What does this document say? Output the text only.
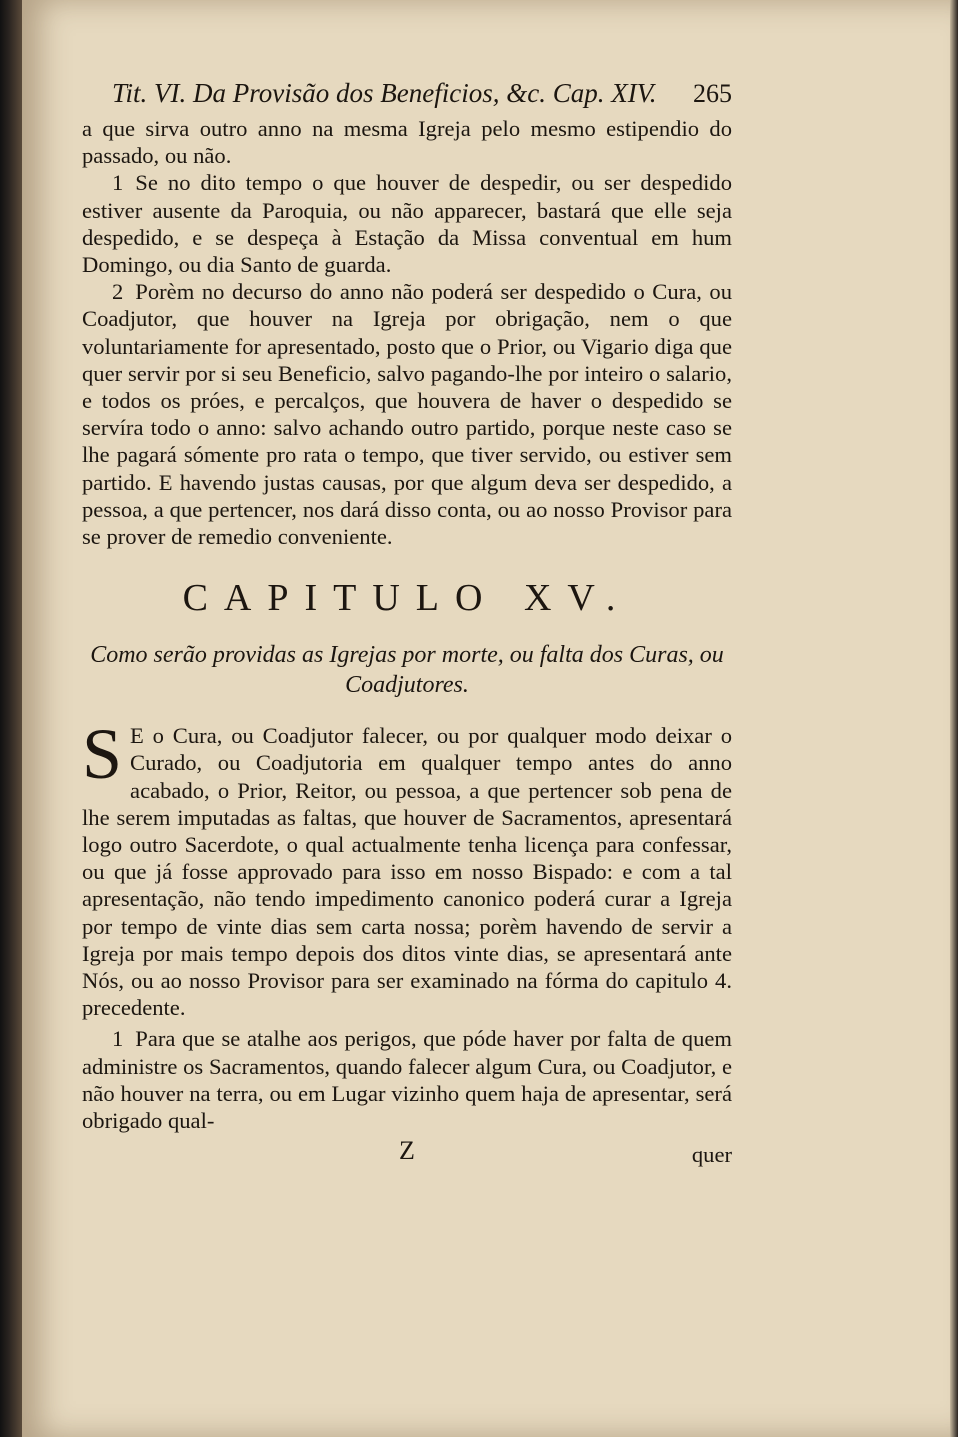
Tit. VI. Da Provisão dos Beneficios, &c. Cap. XIV. 265

a que sirva outro anno na mesma Igreja pelo mesmo estipendio do passado, ou não.

1 Se no dito tempo o que houver de despedir, ou ser despedido estiver ausente da Paroquia, ou não apparecer, bastará que elle seja despedido, e se despeça à Estação da Missa conventual em hum Domingo, ou dia Santo de guarda.

2 Porèm no decurso do anno não poderá ser despedido o Cura, ou Coadjutor, que houver na Igreja por obrigação, nem o que voluntariamente for apresentado, posto que o Prior, ou Vigario diga que quer servir por si seu Beneficio, salvo pagando-lhe por inteiro o salario, e todos os próes, e percalços, que houvera de haver o despedido se servíra todo o anno: salvo achando outro partido, porque neste caso se lhe pagará sómente pro rata o tempo, que tiver servido, ou estiver sem partido. E havendo justas causas, por que algum deva ser despedido, a pessoa, a que pertencer, nos dará disso conta, ou ao nosso Provisor para se prover de remedio conveniente.

CAPITULO XV.

Como serão providas as Igrejas por morte, ou falta dos Curas, ou Coadjutores.

S E o Cura, ou Coadjutor falecer, ou por qualquer modo deixar o Curado, ou Coadjutoria em qualquer tempo antes do anno acabado, o Prior, Reitor, ou pessoa, a que pertencer sob pena de lhe serem imputadas as faltas, que houver de Sacramentos, apresentará logo outro Sacerdote, o qual actualmente tenha licença para confessar, ou que já fosse approvado para isso em nosso Bispado: e com a tal apresentação, não tendo impedimento canonico poderá curar a Igreja por tempo de vinte dias sem carta nossa; porèm havendo de servir a Igreja por mais tempo depois dos ditos vinte dias, se apresentará ante Nós, ou ao nosso Provisor para ser examinado na fórma do capitulo 4. precedente.

1 Para que se atalhe aos perigos, que póde haver por falta de quem administre os Sacramentos, quando falecer algum Cura, ou Coadjutor, e não houver na terra, ou em Lugar vizinho quem haja de apresentar, será obrigado qual-

Z	quer
